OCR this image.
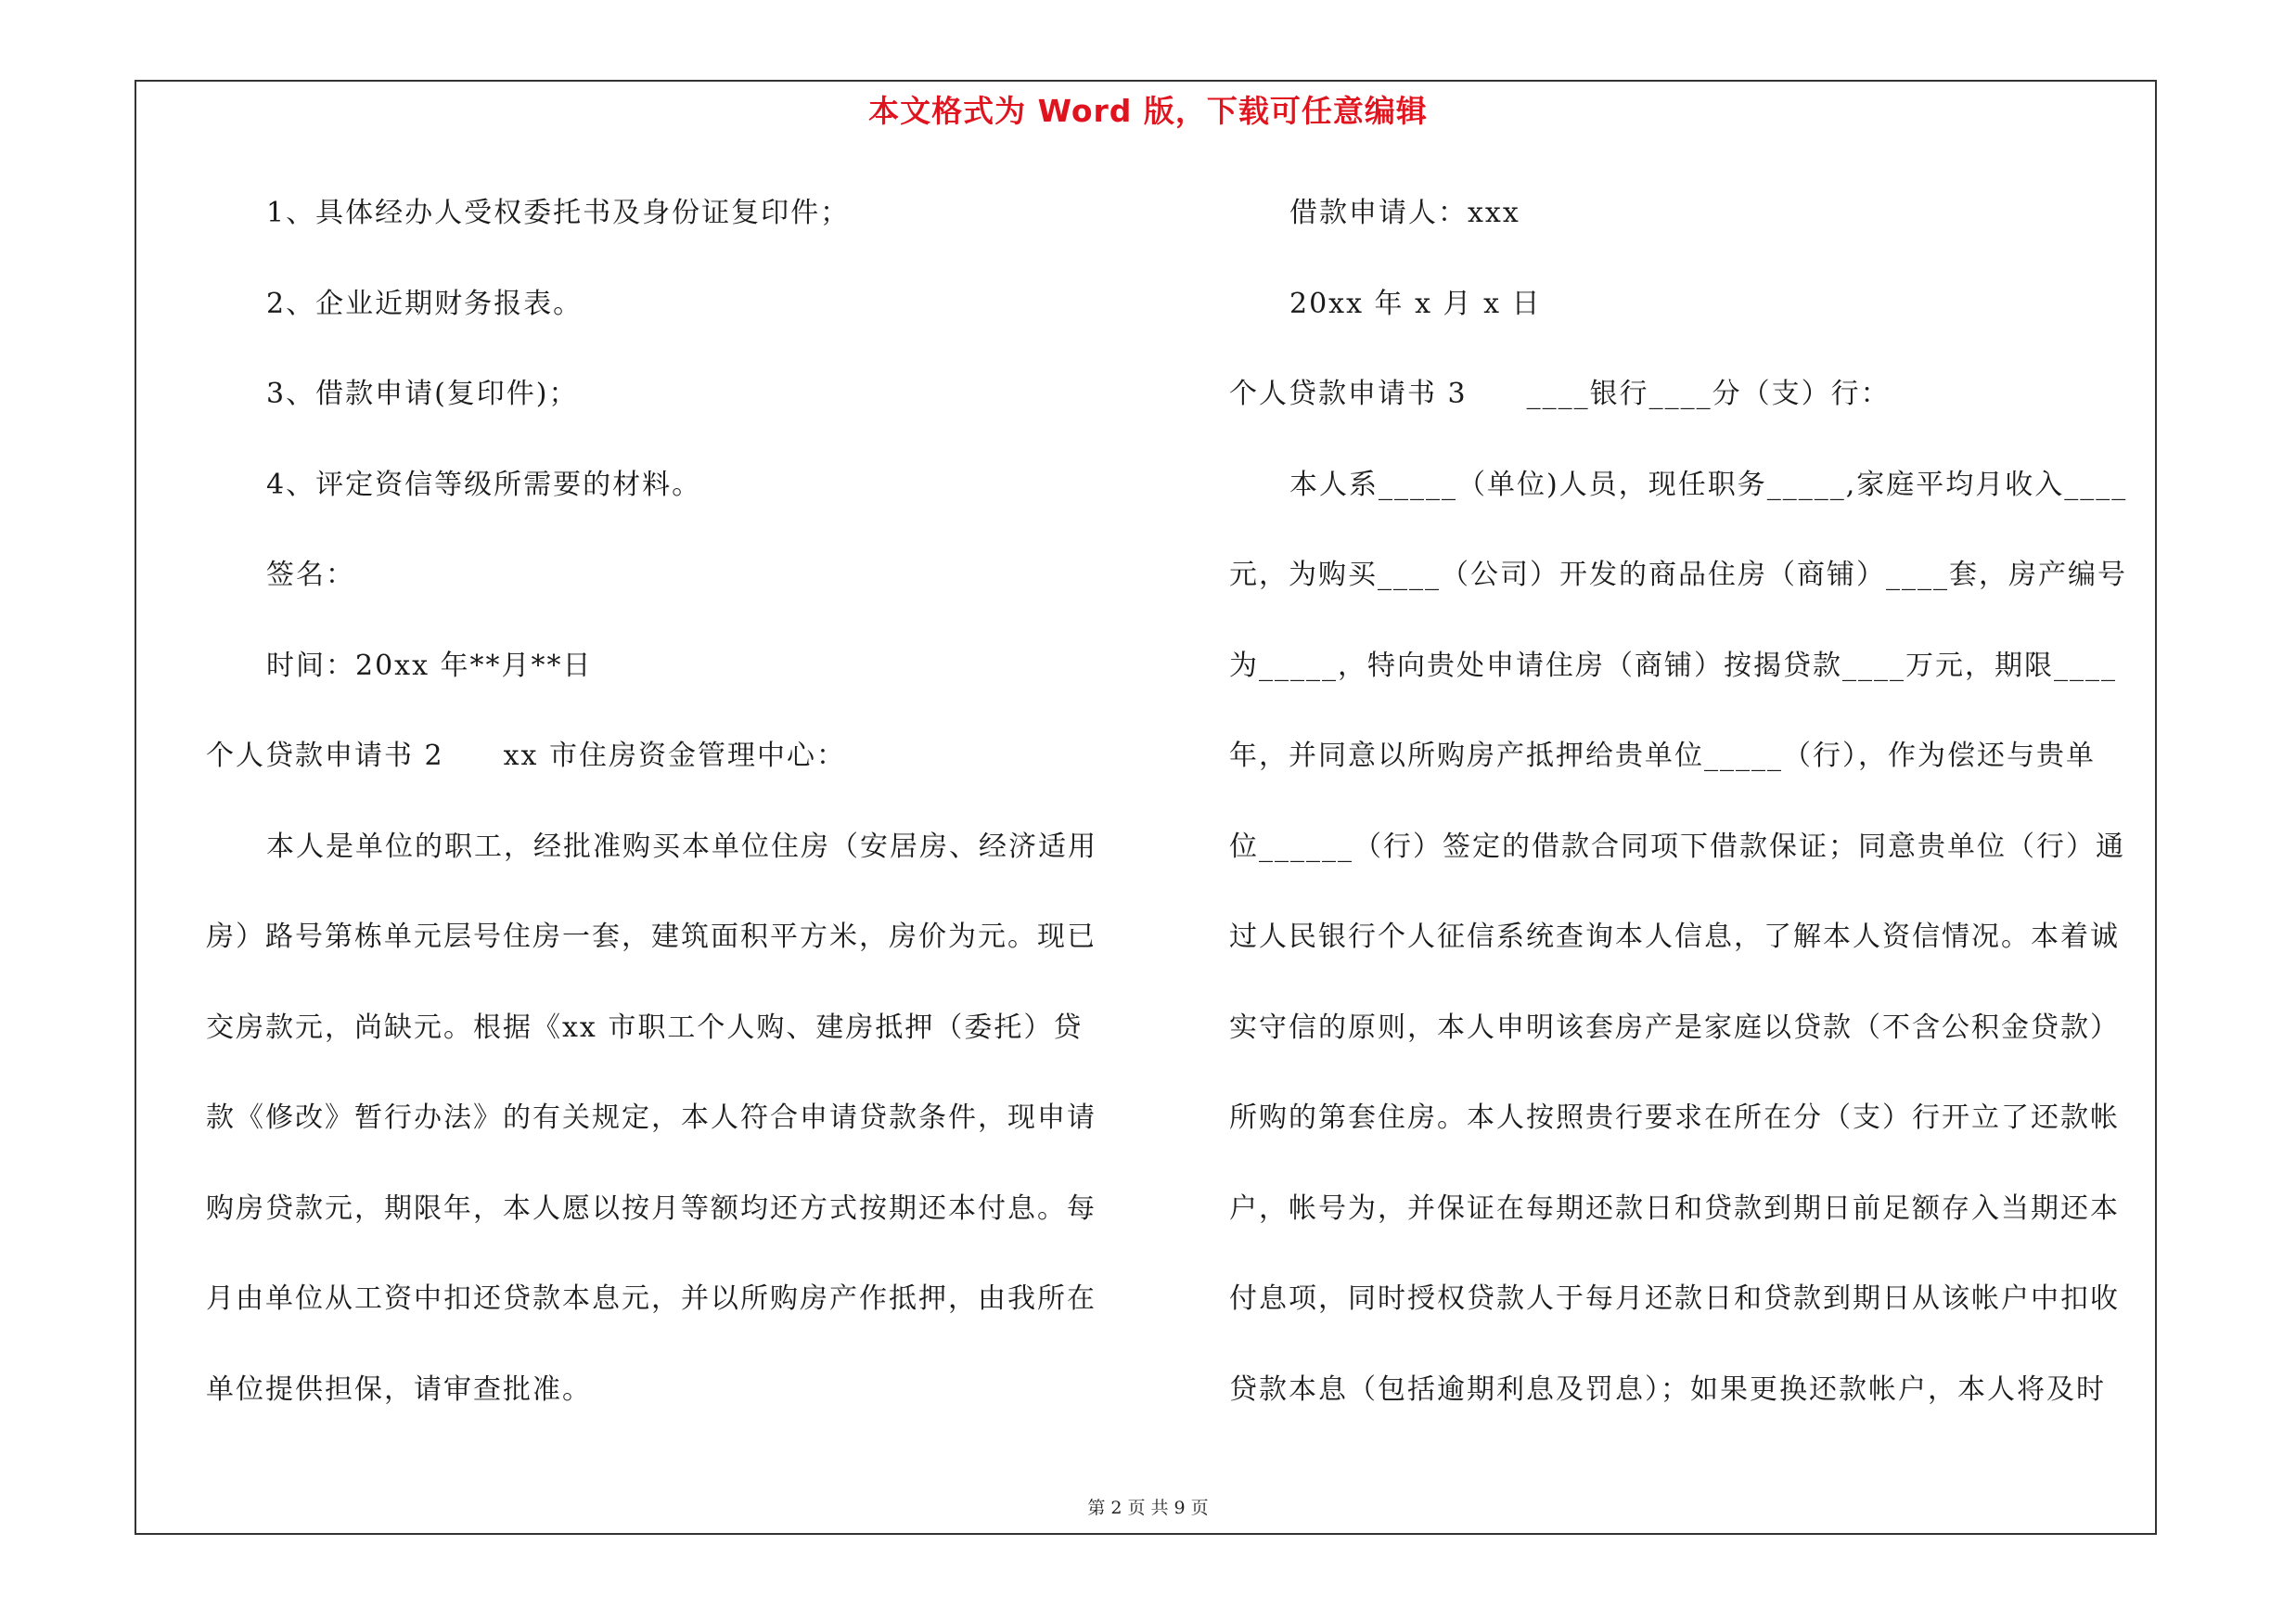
本文格式为 Word 版，下载可任意编辑
1、具体经办人受权委托书及身份证复印件；
2、企业近期财务报表。
3、借款申请(复印件)；
4、评定资信等级所需要的材料。
签名：
时间：20xx 年**月**日
个人贷款申请书 2　　xx 市住房资金管理中心：
本人是单位的职工，经批准购买本单位住房（安居房、经济适用
房）路号第栋单元层号住房一套，建筑面积平方米，房价为元。现已
交房款元，尚缺元。根据《xx 市职工个人购、建房抵押（委托）贷
款《修改》暂行办法》的有关规定，本人符合申请贷款条件，现申请
购房贷款元，期限年，本人愿以按月等额均还方式按期还本付息。每
月由单位从工资中扣还贷款本息元，并以所购房产作抵押，由我所在
单位提供担保，请审查批准。
借款申请人：xxx
20xx 年 x 月 x 日
个人贷款申请书 3　　____银行____分（支）行：
本人系_____（单位)人员，现任职务_____,家庭平均月收入____
元，为购买____（公司）开发的商品住房（商铺）____套，房产编号
为_____，特向贵处申请住房（商铺）按揭贷款____万元，期限____
年，并同意以所购房产抵押给贵单位_____（行），作为偿还与贵单
位______（行）签定的借款合同项下借款保证；同意贵单位（行）通
过人民银行个人征信系统查询本人信息，了解本人资信情况。本着诚
实守信的原则，本人申明该套房产是家庭以贷款（不含公积金贷款）
所购的第套住房。本人按照贵行要求在所在分（支）行开立了还款帐
户，帐号为，并保证在每期还款日和贷款到期日前足额存入当期还本
付息项，同时授权贷款人于每月还款日和贷款到期日从该帐户中扣收
贷款本息（包括逾期利息及罚息）；如果更换还款帐户，本人将及时
第 2 页 共 9 页
